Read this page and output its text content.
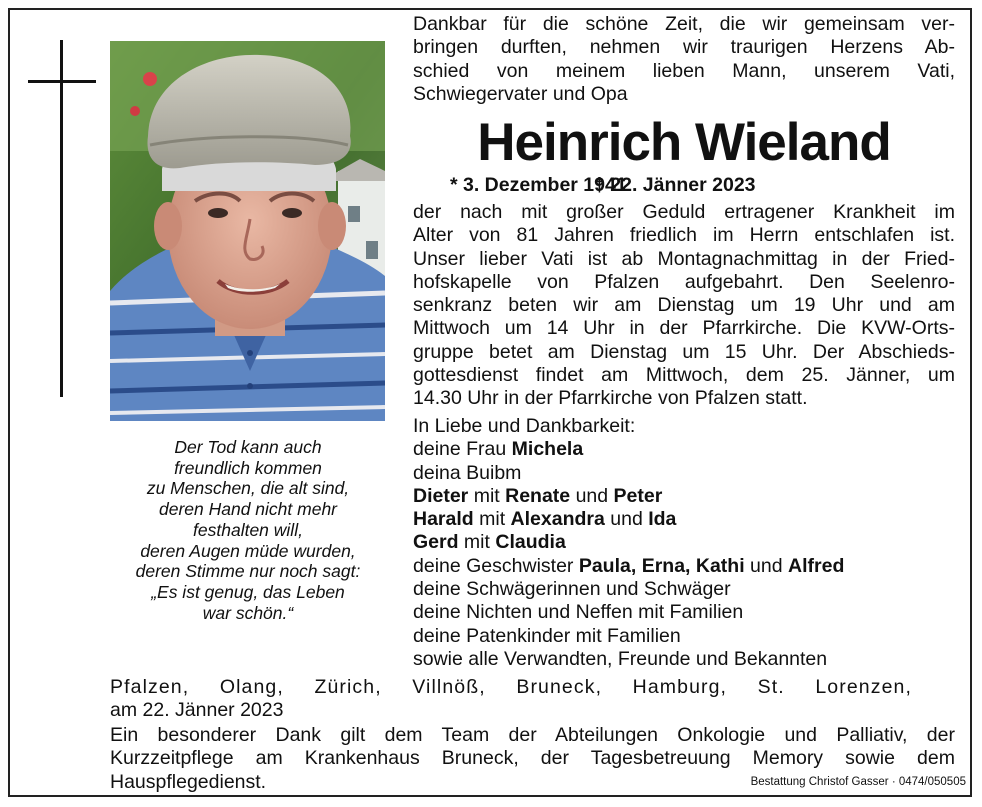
Der Tod kann auch
freundlich kommen
zu Menschen, die alt sind,
deren Hand nicht mehr
festhalten will,
deren Augen müde wurden,
deren Stimme nur noch sagt:
„Es ist genug, das Leben
war schön.“
Dankbar für die schöne Zeit, die wir gemeinsam ver-
bringen durften, nehmen wir traurigen Herzens Ab-
schied von meinem lieben Mann, unserem Vati,
Schwiegervater und Opa
Heinrich Wieland
* 3. Dezember 1941
† 22. Jänner 2023
der nach mit großer Geduld ertragener Krankheit im
Alter von 81 Jahren friedlich im Herrn entschlafen ist.
Unser lieber Vati ist ab Montagnachmittag in der Fried-
hofskapelle von Pfalzen aufgebahrt. Den Seelenro-
senkranz beten wir am Dienstag um 19 Uhr und am
Mittwoch um 14 Uhr in der Pfarrkirche. Die KVW-Orts-
gruppe betet am Dienstag um 15 Uhr. Der Abschieds-
gottesdienst findet am Mittwoch, dem 25. Jänner, um
14.30 Uhr in der Pfarrkirche von Pfalzen statt.
In Liebe und Dankbarkeit:
deine Frau Michela
deina Buibm
Dieter mit Renate und Peter
Harald mit Alexandra und Ida
Gerd mit Claudia
deine Geschwister Paula, Erna, Kathi und Alfred
deine Schwägerinnen und Schwäger
deine Nichten und Neffen mit Familien
deine Patenkinder mit Familien
sowie alle Verwandten, Freunde und Bekannten
Pfalzen, Olang, Zürich, Villnöß, Bruneck, Hamburg, St. Lorenzen,
am 22. Jänner 2023
Ein besonderer Dank gilt dem Team der Abteilungen Onkologie und Palliativ, der
Kurzzeitpflege am Krankenhaus Bruneck, der Tagesbetreuung Memory sowie dem
Hauspflegedienst.	Bestattung Christof Gasser · 0474/050505
